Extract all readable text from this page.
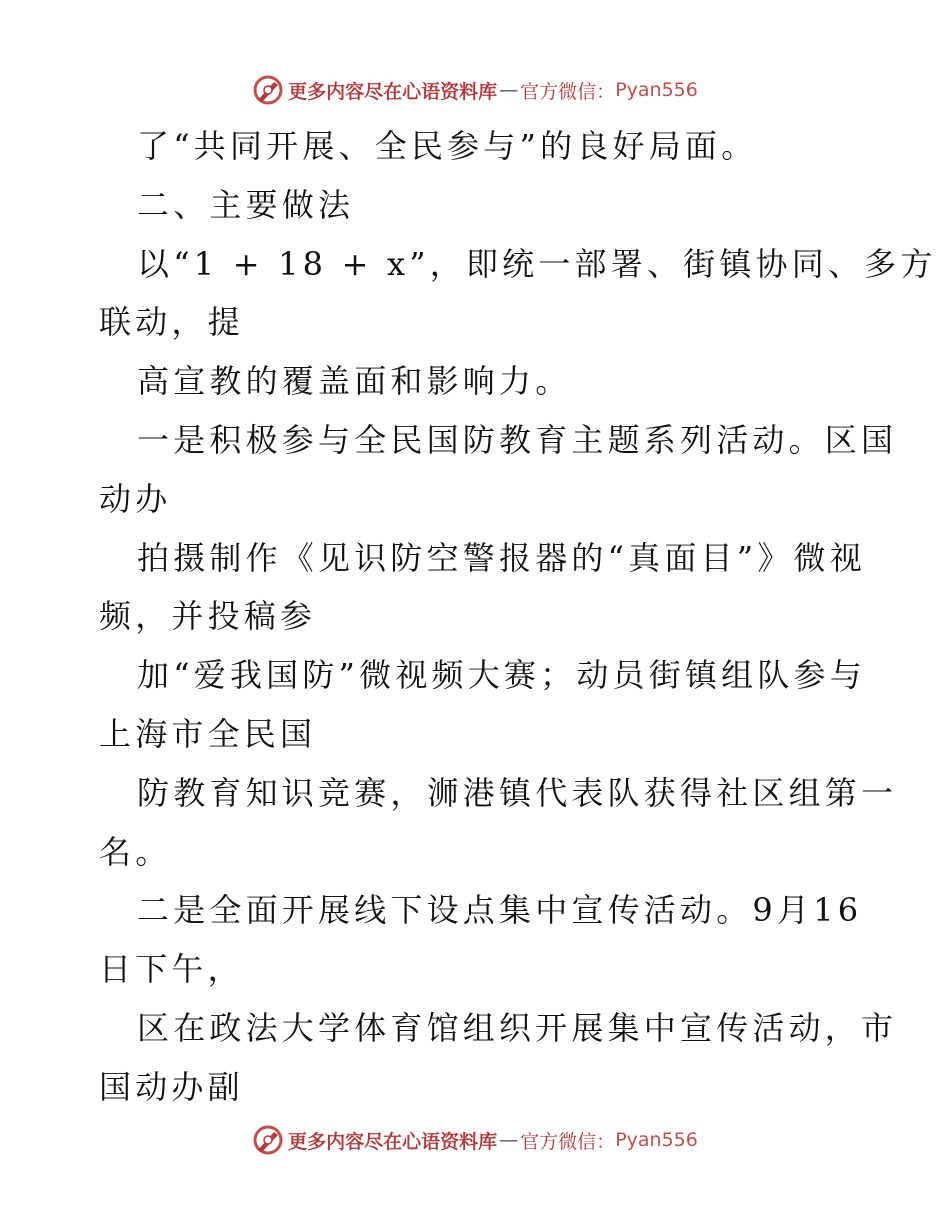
更多内容尽在心语资料库 — 官方微信： Pyan556
了“共同开展、全民参与”的良好局面。
二、主要做法
以“1 + 18 + x”，即统一部署、街镇协同、多方
联动，提
高宣教的覆盖面和影响力。
一是积极参与全民国防教育主题系列活动。区国
动办
拍摄制作《见识防空警报器的“真面目”》微视
频，并投稿参
加“爱我国防”微视频大赛；动员街镇组队参与
上海市全民国
防教育知识竞赛，浉港镇代表队获得社区组第一
名。
二是全面开展线下设点集中宣传活动。9月16
日下午，
区在政法大学体育馆组织开展集中宣传活动，市
国动办副
更多内容尽在心语资料库 — 官方微信： Pyan556
